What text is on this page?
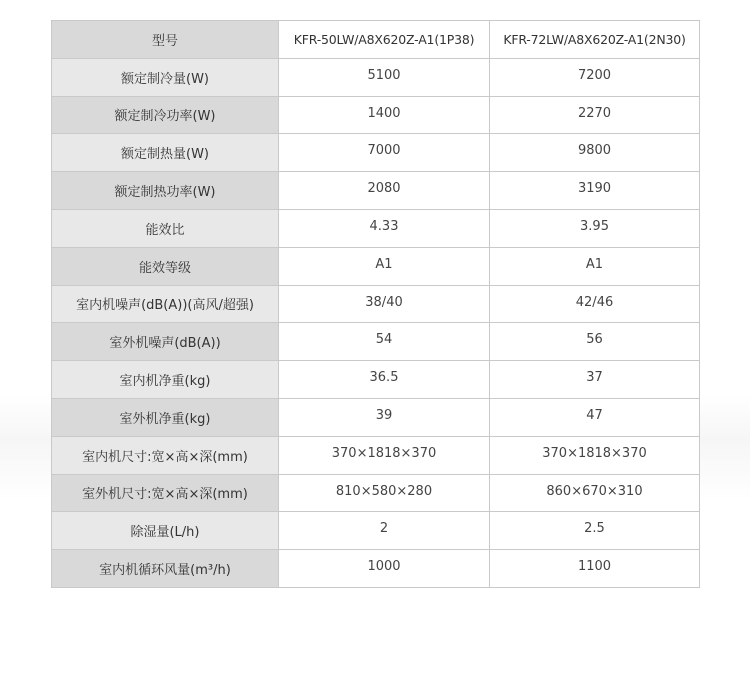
型号	KFR-50LW/A8X620Z-A1(1P38)	KFR-72LW/A8X620Z-A1(2N30)
额定制冷量(W)	5100	7200
额定制冷功率(W)	1400	2270
额定制热量(W)	7000	9800
额定制热功率(W)	2080	3190
能效比	4.33	3.95
能效等级	A1	A1
室内机噪声(dB(A))(高风/超强)	38/40	42/46
室外机噪声(dB(A))	54	56
室内机净重(kg)	36.5	37
室外机净重(kg)	39	47
室内机尺寸:宽×高×深(mm)	370×1818×370	370×1818×370
室外机尺寸:宽×高×深(mm)	810×580×280	860×670×310
除湿量(L/h)	2	2.5
室内机循环风量(m³/h)	1000	1100
